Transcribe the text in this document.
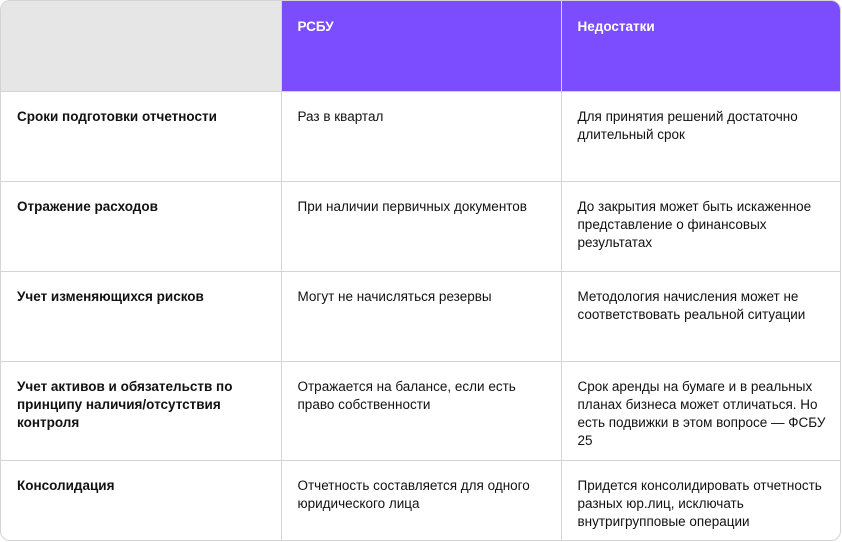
	РСБУ	Недостатки
Сроки подготовки отчетности	Раз в квартал	Для принятия решений достаточно длительный срок
Отражение расходов	При наличии первичных документов	До закрытия может быть искаженное представление о финансовых результатах
Учет изменяющихся рисков	Могут не начисляться резервы	Методология начисления может не соответствовать реальной ситуации
Учет активов и обязательств по принципу наличия/отсутствия контроля	Отражается на балансе, если есть право собственности	Срок аренды на бумаге и в реальных планах бизнеса может отличаться. Но есть подвижки в этом вопросе — ФСБУ 25
Консолидация	Отчетность составляется для одного юридического лица	Придется консолидировать отчетность разных юр.лиц, исключать внутригрупповые операции
